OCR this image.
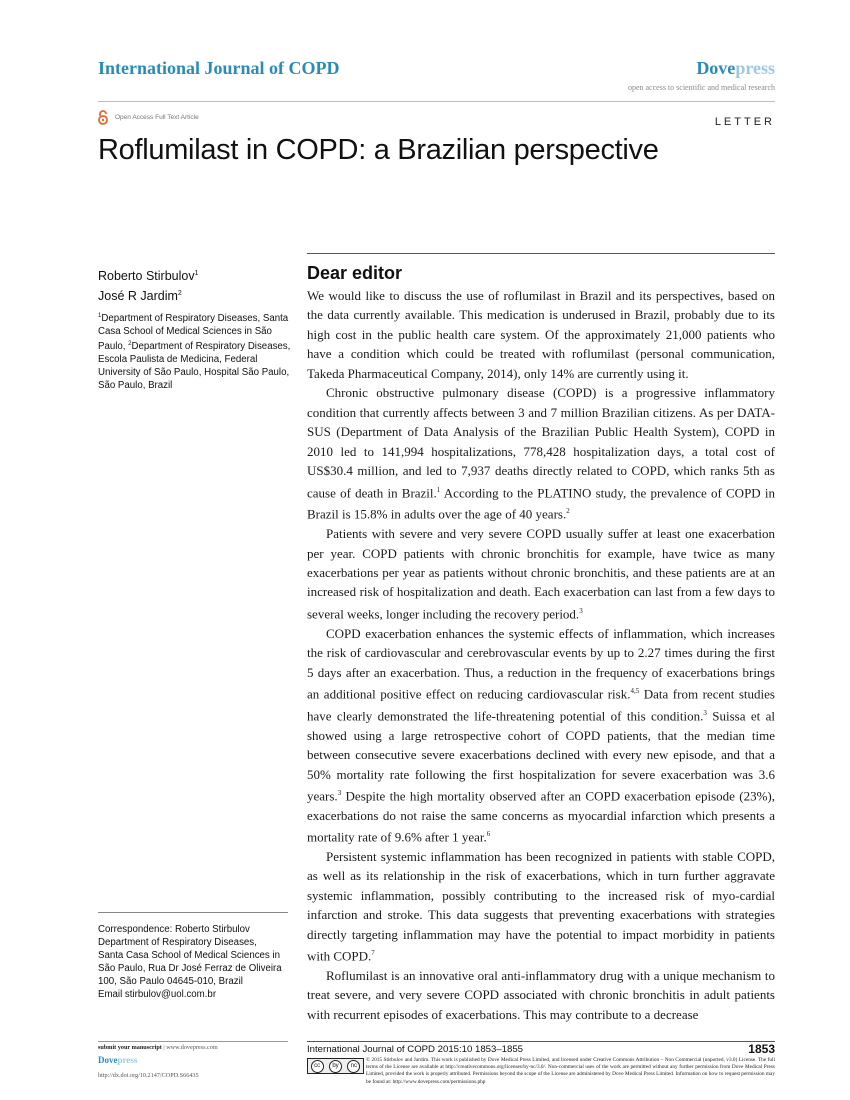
International Journal of COPD	Dovepress
open access to scientific and medical research
Open Access Full Text Article	LETTER
Roflumilast in COPD: a Brazilian perspective
Roberto Stirbulov$^1$
José R Jardim$^2$
$^1$Department of Respiratory Diseases, Santa Casa School of Medical Sciences in São Paulo, $^2$Department of Respiratory Diseases, Escola Paulista de Medicina, Federal University of São Paulo, Hospital São Paulo, São Paulo, Brazil
Correspondence: Roberto Stirbulov
Department of Respiratory Diseases,
Santa Casa School of Medical Sciences in
São Paulo, Rua Dr José Ferraz de Oliveira
100, São Paulo 04645-010, Brazil
Email stirbulov@uol.com.br
Dear editor

We would like to discuss the use of roflumilast in Brazil and its perspectives, based on the data currently available. This medication is underused in Brazil, probably due to its high cost in the public health care system. Of the approximately 21,000 patients who have a condition which could be treated with roflumilast (personal communication, Takeda Pharmaceutical Company, 2014), only 14% are currently using it.

Chronic obstructive pulmonary disease (COPD) is a progressive inflammatory condition that currently affects between 3 and 7 million Brazilian citizens. As per DATA-SUS (Department of Data Analysis of the Brazilian Public Health System), COPD in 2010 led to 141,994 hospitalizations, 778,428 hospitalization days, a total cost of US$30.4 million, and led to 7,937 deaths directly related to COPD, which ranks 5th as cause of death in Brazil.$^1$ According to the PLATINO study, the prevalence of COPD in Brazil is 15.8% in adults over the age of 40 years.$^2$

Patients with severe and very severe COPD usually suffer at least one exacerbation per year. COPD patients with chronic bronchitis for example, have twice as many exacerbations per year as patients without chronic bronchitis, and these patients are at an increased risk of hospitalization and death. Each exacerbation can last from a few days to several weeks, longer including the recovery period.$^3$

COPD exacerbation enhances the systemic effects of inflammation, which increases the risk of cardiovascular and cerebrovascular events by up to 2.27 times during the first 5 days after an exacerbation. Thus, a reduction in the frequency of exacerbations brings an additional positive effect on reducing cardiovascular risk.$^{4,5}$ Data from recent studies have clearly demonstrated the life-threatening potential of this condition.$^3$ Suissa et al showed using a large retrospective cohort of COPD patients, that the median time between consecutive severe exacerbations declined with every new episode, and that a 50% mortality rate following the first hospitalization for severe exacerbation was 3.6 years.$^3$ Despite the high mortality observed after an COPD exacerbation episode (23%), exacerbations do not raise the same concerns as myocardial infarction which presents a mortality rate of 9.6% after 1 year.$^6$

Persistent systemic inflammation has been recognized in patients with stable COPD, as well as its relationship in the risk of exacerbations, which in turn further aggravate systemic inflammation, possibly contributing to the increased risk of myo-cardial infarction and stroke. This data suggests that preventing exacerbations with strategies directly targeting inflammation may have the potential to impact morbidity in patients with COPD.$^7$

Roflumilast is an innovative oral anti-inflammatory drug with a unique mechanism to treat severe, and very severe COPD associated with chronic bronchitis in adult patients with recurrent episodes of exacerbations. This may contribute to a decrease

submit your manuscript | www.dovepress.com
Dovepress
http://dx.doi.org/10.2147/COPD.S66435
International Journal of COPD 2015:10 1853–1855	1853
cc	by	nc
© 2015 Stirbulov and Jardim. This work is published by Dove Medical Press Limited, and licensed under Creative Commons Attribution – Non Commercial (unported, v3.0) License. The full terms of the License are available at http://creativecommons.org/licenses/by-nc/3.0/. Non-commercial uses of the work are permitted without any further permission from Dove Medical Press Limited, provided the work is properly attributed. Permissions beyond the scope of the License are administered by Dove Medical Press Limited. Information on how to request permission may be found at: http://www.dovepress.com/permissions.php
